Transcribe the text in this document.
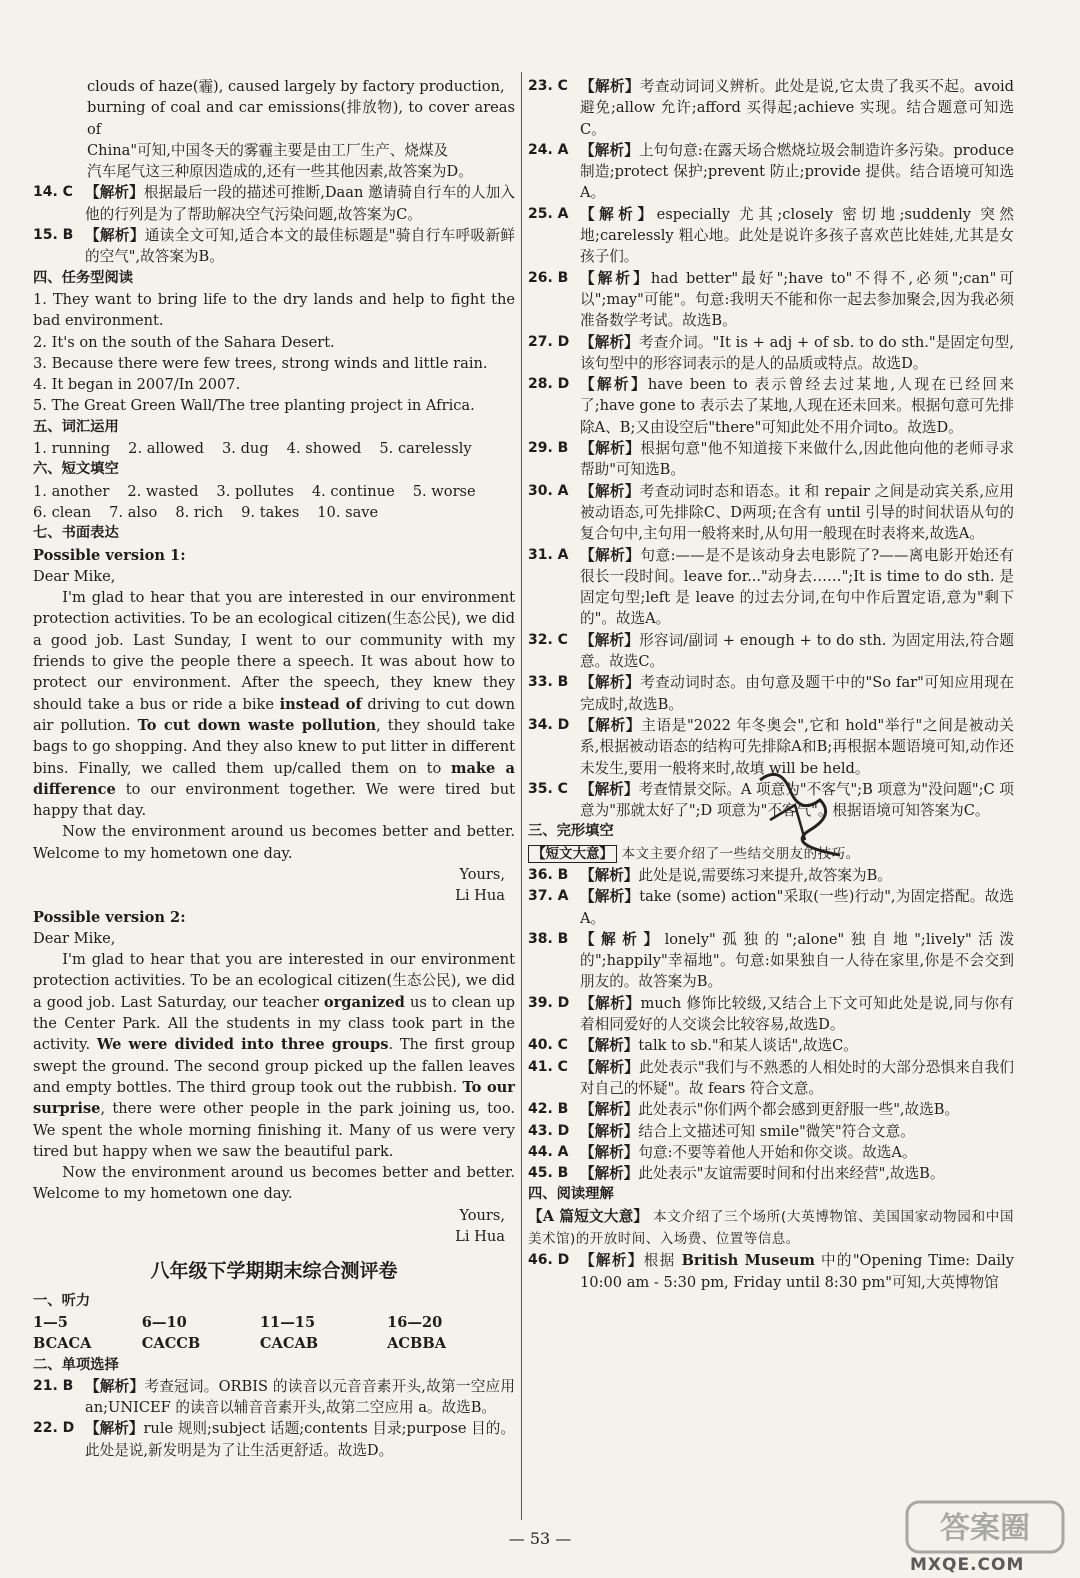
clouds of haze(霾), caused largely by factory production,

burning of coal and car emissions(排放物), to cover areas of

China"可知,中国冬天的雾霾主要是由工厂生产、烧煤及

汽车尾气这三种原因造成的,还有一些其他因素,故答案为D。

14. C 【解析】根据最后一段的描述可推断,Daan 邀请骑自行车的人加入他的行列是为了帮助解决空气污染问题,故答案为C。
15. B 【解析】通读全文可知,适合本文的最佳标题是"骑自行车呼吸新鲜的空气",故答案为B。
四、任务型阅读

1. They want to bring life to the dry lands and help to fight the bad environment.

2. It's on the south of the Sahara Desert.

3. Because there were few trees, strong winds and little rain.

4. It began in 2007/In 2007.

5. The Great Green Wall/The tree planting project in Africa.

五、词汇运用
1. running 2. allowed 3. dug 4. showed 5. carelessly
六、短文填空
1. another 2. wasted 3. pollutes 4. continue 5. worse
6. clean 7. also 8. rich 9. takes 10. save
七、书面表达

Possible version 1:

Dear Mike,

I'm glad to hear that you are interested in our environment protection activities. To be an ecological citizen(生态公民), we did a good job. Last Sunday, I went to our community with my friends to give the people there a speech. It was about how to protect our environment. After the speech, they knew they should take a bus or ride a bike instead of driving to cut down air pollution. To cut down waste pollution, they should take bags to go shopping. And they also knew to put litter in different bins. Finally, we called them up/called them on to make a difference to our environment together. We were tired but happy that day.

Now the environment around us becomes better and better. Welcome to my hometown one day.

Yours,

Li Hua

Possible version 2:

Dear Mike,

I'm glad to hear that you are interested in our environment protection activities. To be an ecological citizen(生态公民), we did a good job. Last Saturday, our teacher organized us to clean up the Center Park. All the students in my class took part in the activity. We were divided into three groups. The first group swept the ground. The second group picked up the fallen leaves and empty bottles. The third group took out the rubbish. To our surprise, there were other people in the park joining us, too. We spent the whole morning finishing it. Many of us were very tired but happy when we saw the beautiful park.

Now the environment around us becomes better and better. Welcome to my hometown one day.

Yours,

Li Hua

八年级下学期期末综合测评卷
一、听力
1—5 BCACA
6—10 CACCB
11—15 CACAB
16—20 ACBBA
二、单项选择
21. B 【解析】考查冠词。ORBIS 的读音以元音音素开头,故第一空应用 an;UNICEF 的读音以辅音音素开头,故第二空应用 a。故选B。
22. D 【解析】rule 规则;subject 话题;contents 目录;purpose 目的。此处是说,新发明是为了让生活更舒适。故选D。
23. C 【解析】考查动词词义辨析。此处是说,它太贵了我买不起。avoid 避免;allow 允许;afford 买得起;achieve 实现。结合题意可知选C。
24. A 【解析】上句句意:在露天场合燃烧垃圾会制造许多污染。produce 制造;protect 保护;prevent 防止;provide 提供。结合语境可知选A。
25. A 【解析】especially 尤其;closely 密切地;suddenly 突然地;carelessly 粗心地。此处是说许多孩子喜欢芭比娃娃,尤其是女孩子们。
26. B 【解析】had better"最好";have to"不得不,必须";can"可以";may"可能"。句意:我明天不能和你一起去参加聚会,因为我必须准备数学考试。故选B。
27. D 【解析】考查介词。"It is + adj + of sb. to do sth."是固定句型,该句型中的形容词表示的是人的品质或特点。故选D。
28. D 【解析】have been to 表示曾经去过某地,人现在已经回来了;have gone to 表示去了某地,人现在还未回来。根据句意可先排除A、B;又由设空后"there"可知此处不用介词to。故选D。
29. B 【解析】根据句意"他不知道接下来做什么,因此他向他的老师寻求帮助"可知选B。
30. A 【解析】考查动词时态和语态。it 和 repair 之间是动宾关系,应用被动语态,可先排除C、D两项;在含有 until 引导的时间状语从句的复合句中,主句用一般将来时,从句用一般现在时表将来,故选A。
31. A 【解析】句意:——是不是该动身去电影院了?——离电影开始还有很长一段时间。leave for..."动身去……";It is time to do sth. 是固定句型;left 是 leave 的过去分词,在句中作后置定语,意为"剩下的"。故选A。
32. C 【解析】形容词/副词 + enough + to do sth. 为固定用法,符合题意。故选C。
33. B 【解析】考查动词时态。由句意及题干中的"So far"可知应用现在完成时,故选B。
34. D 【解析】主语是"2022 年冬奥会",它和 hold"举行"之间是被动关系,根据被动语态的结构可先排除A和B;再根据本题语境可知,动作还未发生,要用一般将来时,故填 will be held。
35. C 【解析】考查情景交际。A 项意为"不客气";B 项意为"没问题";C 项意为"那就太好了";D 项意为"不客气"。根据语境可知答案为C。
三、完形填空

【短文大意】 本文主要介绍了一些结交朋友的技巧。

36. B 【解析】此处是说,需要练习来提升,故答案为B。
37. A 【解析】take (some) action"采取(一些)行动",为固定搭配。故选A。
38. B 【解析】lonely"孤独的";alone"独自地";lively"活泼的";happily"幸福地"。句意:如果独自一人待在家里,你是不会交到朋友的。故答案为B。
39. D 【解析】much 修饰比较级,又结合上下文可知此处是说,同与你有着相同爱好的人交谈会比较容易,故选D。
40. C 【解析】talk to sb."和某人谈话",故选C。
41. C 【解析】此处表示"我们与不熟悉的人相处时的大部分恐惧来自我们对自己的怀疑"。故 fears 符合文意。
42. B 【解析】此处表示"你们两个都会感到更舒服一些",故选B。
43. D 【解析】结合上文描述可知 smile"微笑"符合文意。
44. A 【解析】句意:不要等着他人开始和你交谈。故选A。
45. B 【解析】此处表示"友谊需要时间和付出来经营",故选B。
四、阅读理解

【A 篇短文大意】 本文介绍了三个场所(大英博物馆、美国国家动物园和中国美术馆)的开放时间、入场费、位置等信息。

46. D 【解析】根据 British Museum 中的"Opening Time: Daily 10:00 am - 5:30 pm, Friday until 8:30 pm"可知,大英博物馆
— 53 —	答案圈
MXQE.COM
